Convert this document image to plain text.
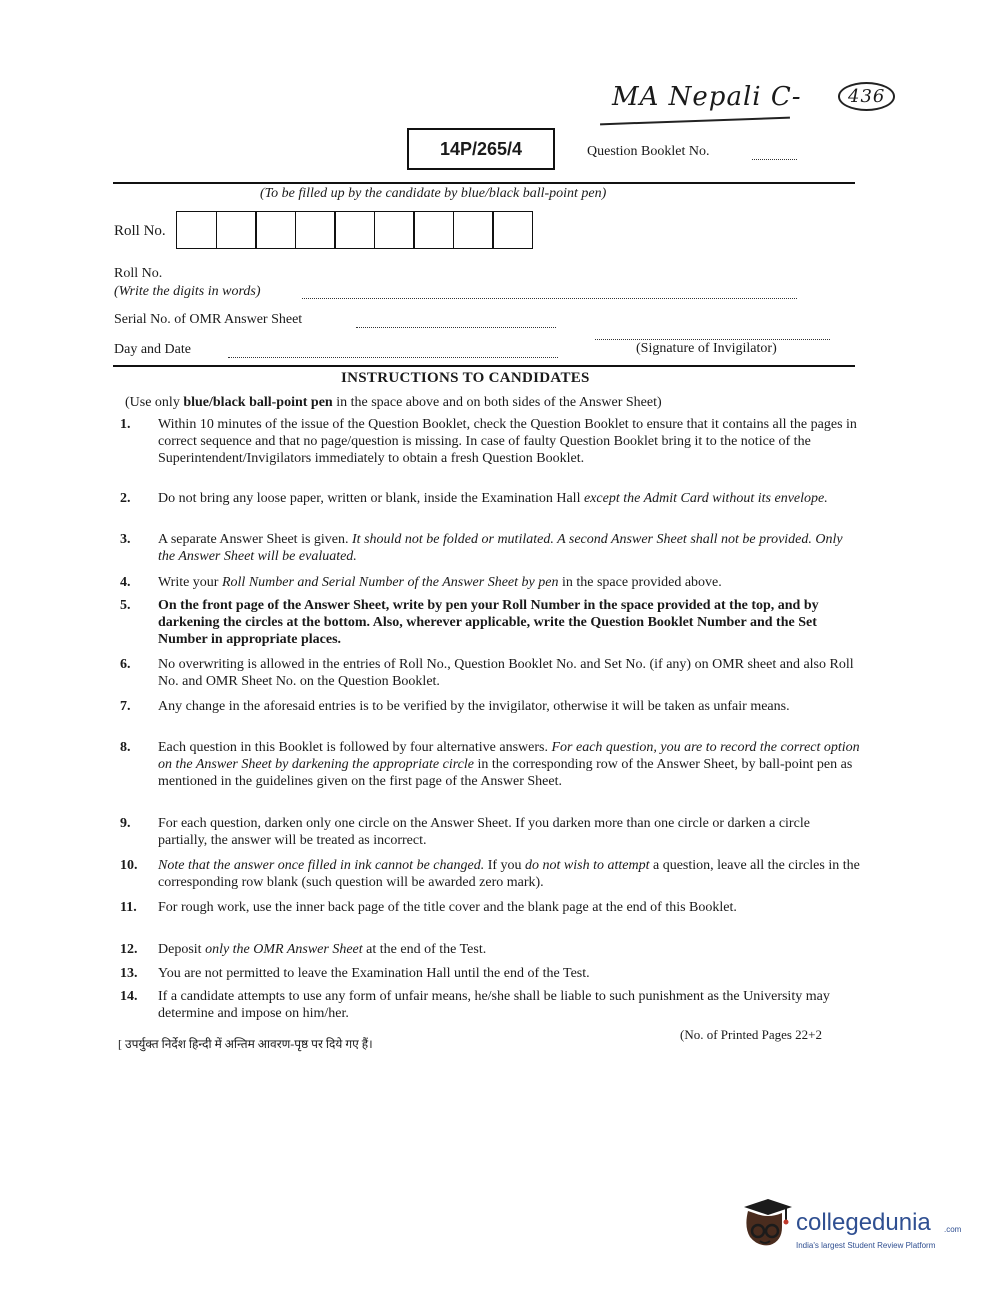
MA Nepali C-	436
14P/265/4	Question Booklet No.
(To be filled up by the candidate by blue/black ball-point pen)
Roll No.
Roll No.
(Write the digits in words)
Serial No. of OMR Answer Sheet
Day and Date	(Signature of Invigilator)
INSTRUCTIONS TO CANDIDATES
(Use only blue/black ball-point pen in the space above and on both sides of the Answer Sheet)
1.	Within 10 minutes of the issue of the Question Booklet, check the Question Booklet to ensure that it contains all the pages in correct sequence and that no page/question is missing. In case of faulty Question Booklet bring it to the notice of the Superintendent/Invigilators immediately to obtain a fresh Question Booklet.
2.	Do not bring any loose paper, written or blank, inside the Examination Hall except the Admit Card without its envelope.
3.	A separate Answer Sheet is given. It should not be folded or mutilated. A second Answer Sheet shall not be provided. Only the Answer Sheet will be evaluated.
4.	Write your Roll Number and Serial Number of the Answer Sheet by pen in the space provided above.
5.	On the front page of the Answer Sheet, write by pen your Roll Number in the space provided at the top, and by darkening the circles at the bottom. Also, wherever applicable, write the Question Booklet Number and the Set Number in appropriate places.
6.	No overwriting is allowed in the entries of Roll No., Question Booklet No. and Set No. (if any) on OMR sheet and also Roll No. and OMR Sheet No. on the Question Booklet.
7.	Any change in the aforesaid entries is to be verified by the invigilator, otherwise it will be taken as unfair means.
8.	Each question in this Booklet is followed by four alternative answers. For each question, you are to record the correct option on the Answer Sheet by darkening the appropriate circle in the corresponding row of the Answer Sheet, by ball-point pen as mentioned in the guidelines given on the first page of the Answer Sheet.
9.	For each question, darken only one circle on the Answer Sheet. If you darken more than one circle or darken a circle partially, the answer will be treated as incorrect.
10.	Note that the answer once filled in ink cannot be changed. If you do not wish to attempt a question, leave all the circles in the corresponding row blank (such question will be awarded zero mark).
11.	For rough work, use the inner back page of the title cover and the blank page at the end of this Booklet.
12.	Deposit only the OMR Answer Sheet at the end of the Test.
13.	You are not permitted to leave the Examination Hall until the end of the Test.
14.	If a candidate attempts to use any form of unfair means, he/she shall be liable to such punishment as the University may determine and impose on him/her.
(No. of Printed Pages 22+2
[ उपर्युक्त निर्देश हिन्दी में अन्तिम आवरण-पृष्ठ पर दिये गए हैं।
collegedunia .com
India's largest Student Review Platform
